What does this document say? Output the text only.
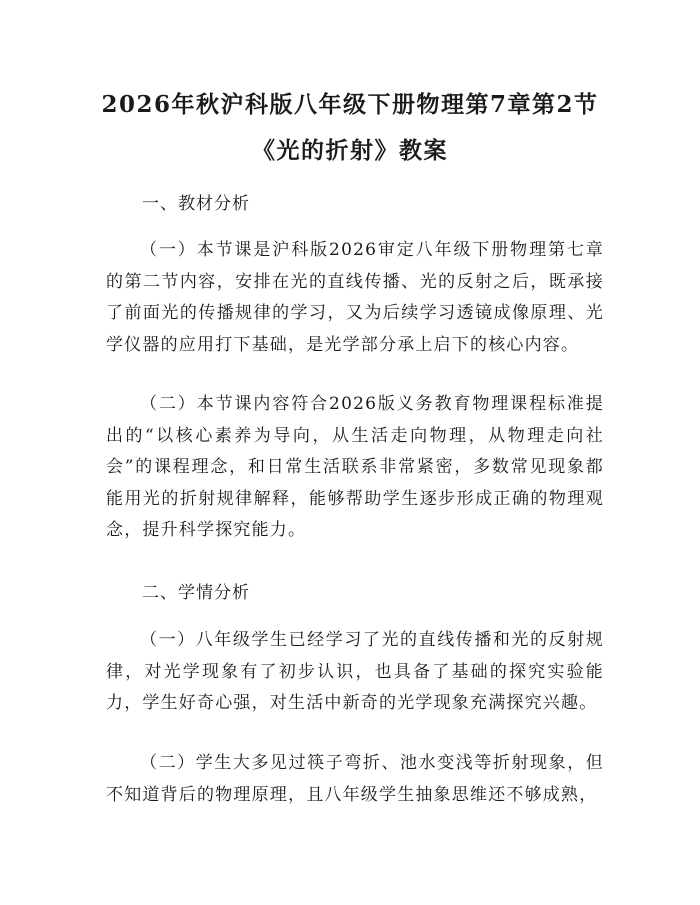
2026年秋沪科版八年级下册物理第7章第2节《光的折射》教案
一、教材分析

（一）本节课是沪科版2026审定八年级下册物理第七章的第二节内容，安排在光的直线传播、光的反射之后，既承接了前面光的传播规律的学习，又为后续学习透镜成像原理、光学仪器的应用打下基础，是光学部分承上启下的核心内容。

（二）本节课内容符合2026版义务教育物理课程标准提出的“以核心素养为导向，从生活走向物理，从物理走向社会”的课程理念，和日常生活联系非常紧密，多数常见现象都能用光的折射规律解释，能够帮助学生逐步形成正确的物理观念，提升科学探究能力。

二、学情分析

（一）八年级学生已经学习了光的直线传播和光的反射规律，对光学现象有了初步认识，也具备了基础的探究实验能力，学生好奇心强，对生活中新奇的光学现象充满探究兴趣。

（二）学生大多见过筷子弯折、池水变浅等折射现象，但不知道背后的物理原理，且八年级学生抽象思维还不够成熟，
